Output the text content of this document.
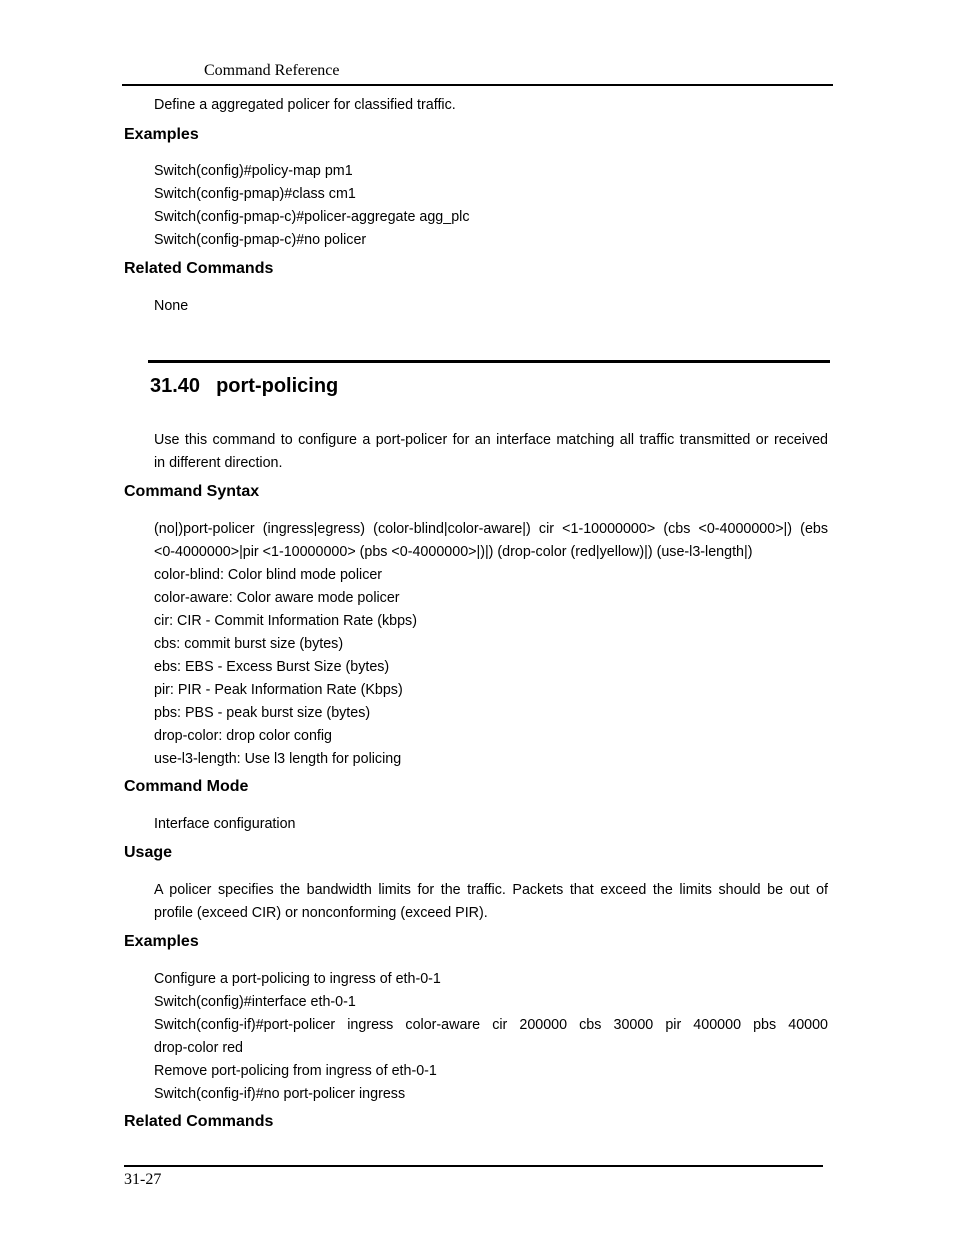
Command Reference
Define a aggregated policer for classified traffic.
Examples
Switch(config)#policy-map pm1
Switch(config-pmap)#class cm1
Switch(config-pmap-c)#policer-aggregate agg_plc
Switch(config-pmap-c)#no policer
Related Commands
None
31.40 port-policing
Use this command to configure a port-policer for an interface matching all traffic transmitted or received
in different direction.
Command Syntax
(no|)port-policer (ingress|egress) (color-blind|color-aware|) cir <1-10000000> (cbs <0-4000000>|) (ebs
<0-4000000>|pir <1-10000000> (pbs <0-4000000>|)|) (drop-color (red|yellow)|) (use-l3-length|)
color-blind: Color blind mode policer
color-aware: Color aware mode policer
cir: CIR - Commit Information Rate (kbps)
cbs: commit burst size (bytes)
ebs: EBS - Excess Burst Size (bytes)
pir: PIR - Peak Information Rate (Kbps)
pbs: PBS - peak burst size (bytes)
drop-color: drop color config
use-l3-length: Use l3 length for policing
Command Mode
Interface configuration
Usage
A policer specifies the bandwidth limits for the traffic. Packets that exceed the limits should be out of
profile (exceed CIR) or nonconforming (exceed PIR).
Examples
Configure a port-policing to ingress of eth-0-1
Switch(config)#interface eth-0-1
Switch(config-if)#port-policer ingress color-aware cir 200000 cbs 30000 pir 400000 pbs 40000
drop-color red
Remove port-policing from ingress of eth-0-1
Switch(config-if)#no port-policer ingress
Related Commands
31-27
